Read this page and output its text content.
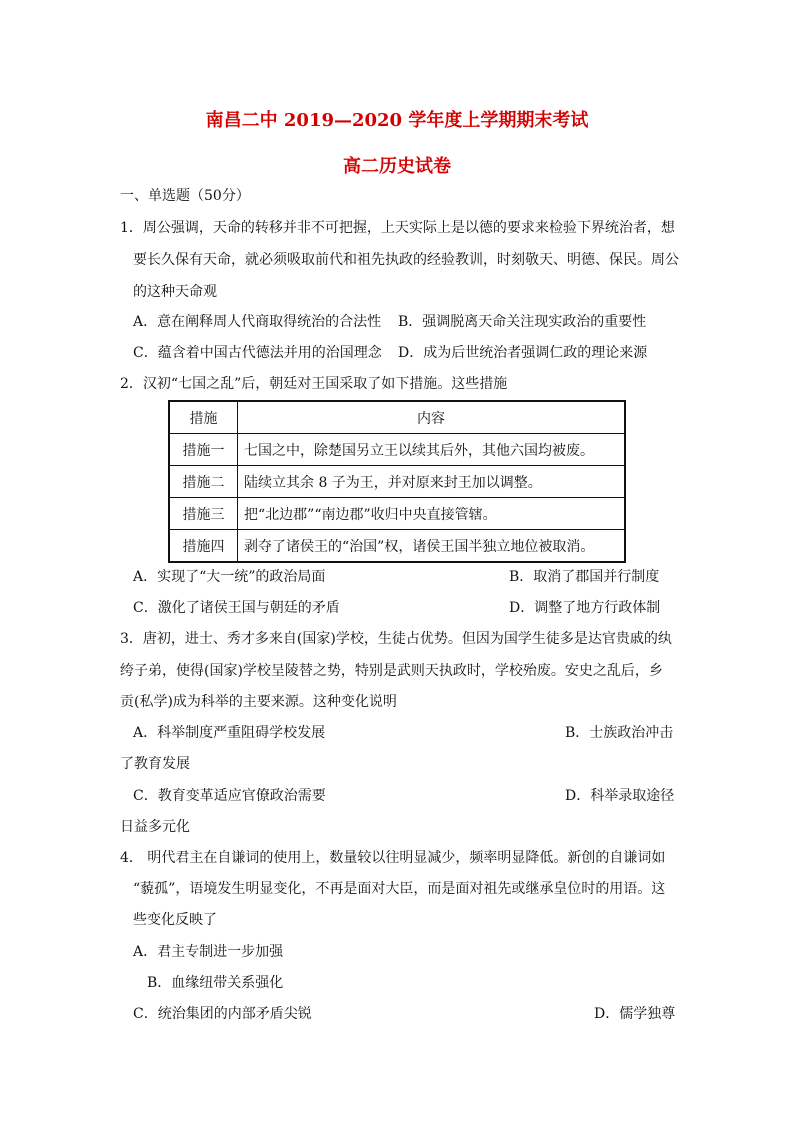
南昌二中 2019—2020 学年度上学期期末考试
高二历史试卷
一、单选题（50分）
1．周公强调，天命的转移并非不可把握，上天实际上是以德的要求来检验下界统治者，想
要长久保有天命，就必须吸取前代和祖先执政的经验教训，时刻敬天、明德、保民。周公
的这种天命观
A．意在阐释周人代商取得统治的合法性 B．强调脱离天命关注现实政治的重要性
C．蕴含着中国古代德法并用的治国理念 D．成为后世统治者强调仁政的理论来源
2．汉初“七国之乱”后，朝廷对王国采取了如下措施。这些措施
措施	内容
措施一	七国之中，除楚国另立王以续其后外，其他六国均被废。
措施二	陆续立其余 8 子为王，并对原来封王加以调整。
措施三	把“北边郡”“南边郡”收归中央直接管辖。
措施四	剥夺了诸侯王的“治国”权，诸侯王国半独立地位被取消。
A．实现了“大一统”的政治局面	B．取消了郡国并行制度
C．激化了诸侯王国与朝廷的矛盾	D．调整了地方行政体制
3．唐初，进士、秀才多来自(国家)学校，生徒占优势。但因为国学生徒多是达官贵戚的纨
绔子弟，使得(国家)学校呈陵替之势，特别是武则天执政时，学校殆废。安史之乱后，乡
贡(私学)成为科举的主要来源。这种变化说明
A．科举制度严重阻碍学校发展	B．士族政治冲击
了教育发展
C．教育变革适应官僚政治需要	D．科举录取途径
日益多元化
4． 明代君主在自谦词的使用上，数量较以往明显减少，频率明显降低。新创的自谦词如
“藐孤”，语境发生明显变化，不再是面对大臣，而是面对祖先或继承皇位时的用语。这
些变化反映了
A．君主专制进一步加强
B．血缘纽带关系强化
C．统治集团的内部矛盾尖锐	D．儒学独尊
